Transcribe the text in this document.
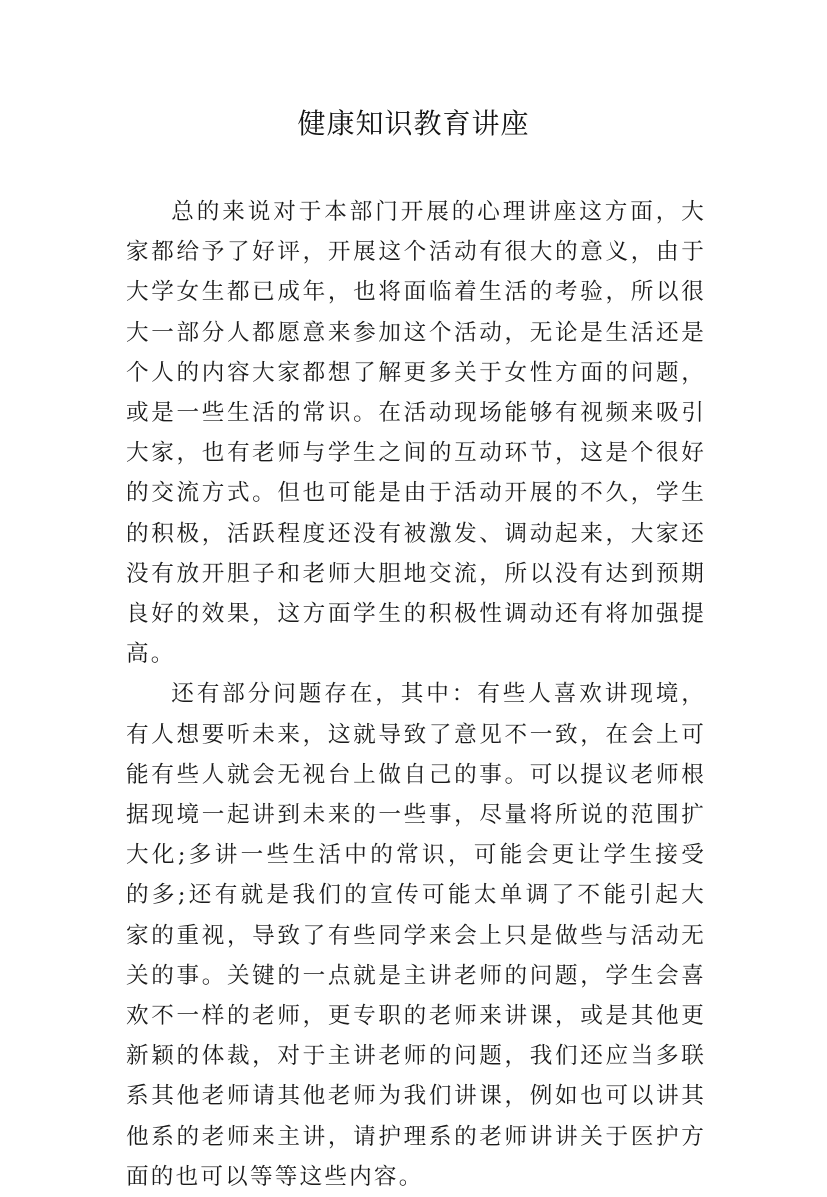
健康知识教育讲座

总的来说对于本部门开展的心理讲座这方面，大家都给予了好评，开展这个活动有很大的意义，由于大学女生都已成年，也将面临着生活的考验，所以很大一部分人都愿意来参加这个活动，无论是生活还是个人的内容大家都想了解更多关于女性方面的问题，或是一些生活的常识。在活动现场能够有视频来吸引大家，也有老师与学生之间的互动环节，这是个很好的交流方式。但也可能是由于活动开展的不久，学生的积极，活跃程度还没有被激发、调动起来，大家还没有放开胆子和老师大胆地交流，所以没有达到预期良好的效果，这方面学生的积极性调动还有将加强提高。

还有部分问题存在，其中：有些人喜欢讲现境，有人想要听未来，这就导致了意见不一致，在会上可能有些人就会无视台上做自己的事。可以提议老师根据现境一起讲到未来的一些事，尽量将所说的范围扩大化;多讲一些生活中的常识，可能会更让学生接受的多;还有就是我们的宣传可能太单调了不能引起大家的重视，导致了有些同学来会上只是做些与活动无关的事。关键的一点就是主讲老师的问题，学生会喜欢不一样的老师，更专职的老师来讲课，或是其他更新颖的体裁，对于主讲老师的问题，我们还应当多联系其他老师请其他老师为我们讲课，例如也可以讲其他系的老师来主讲，请护理系的老师讲讲关于医护方面的也可以等等这些内容。
